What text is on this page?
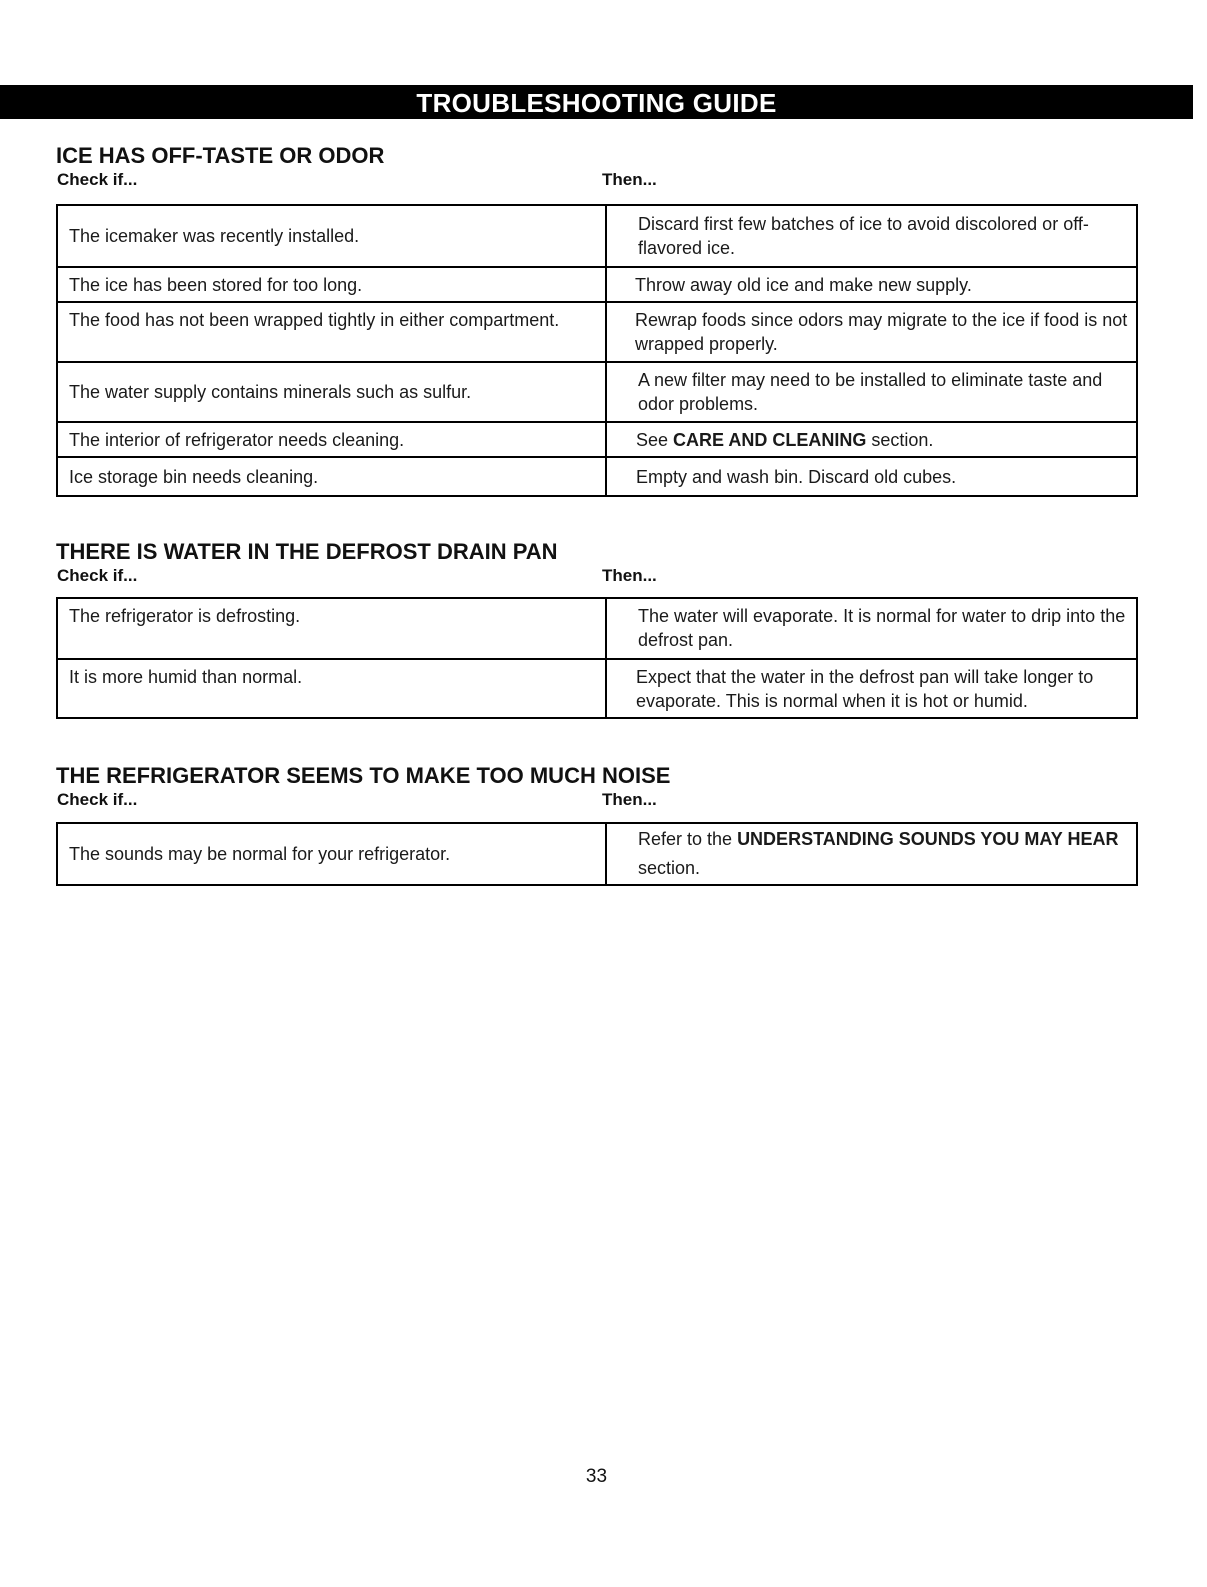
TROUBLESHOOTING GUIDE
ICE HAS OFF-TASTE OR ODOR
Check if...	Then...
The icemaker was recently installed.	Discard first few batches of ice to avoid discolored or off-flavored ice.
The ice has been stored for too long.	Throw away old ice and make new supply.
The food has not been wrapped tightly in either compartment.	Rewrap foods since odors may migrate to the ice if food is not wrapped properly.
The water supply contains minerals such as sulfur.	A new filter may need to be installed to eliminate taste and odor problems.
The interior of refrigerator needs cleaning.	See CARE AND CLEANING section.
Ice storage bin needs cleaning.	Empty and wash bin. Discard old cubes.
THERE IS WATER IN THE DEFROST DRAIN PAN
Check if...	Then...
The refrigerator is defrosting.	The water will evaporate. It is normal for water to drip into the defrost pan.
It is more humid than normal.	Expect that the water in the defrost pan will take longer to evaporate. This is normal when it is hot or humid.
THE REFRIGERATOR SEEMS TO MAKE TOO MUCH NOISE
Check if...	Then...
The sounds may be normal for your refrigerator.	Refer to the UNDERSTANDING SOUNDS YOU MAY HEAR section.
33
